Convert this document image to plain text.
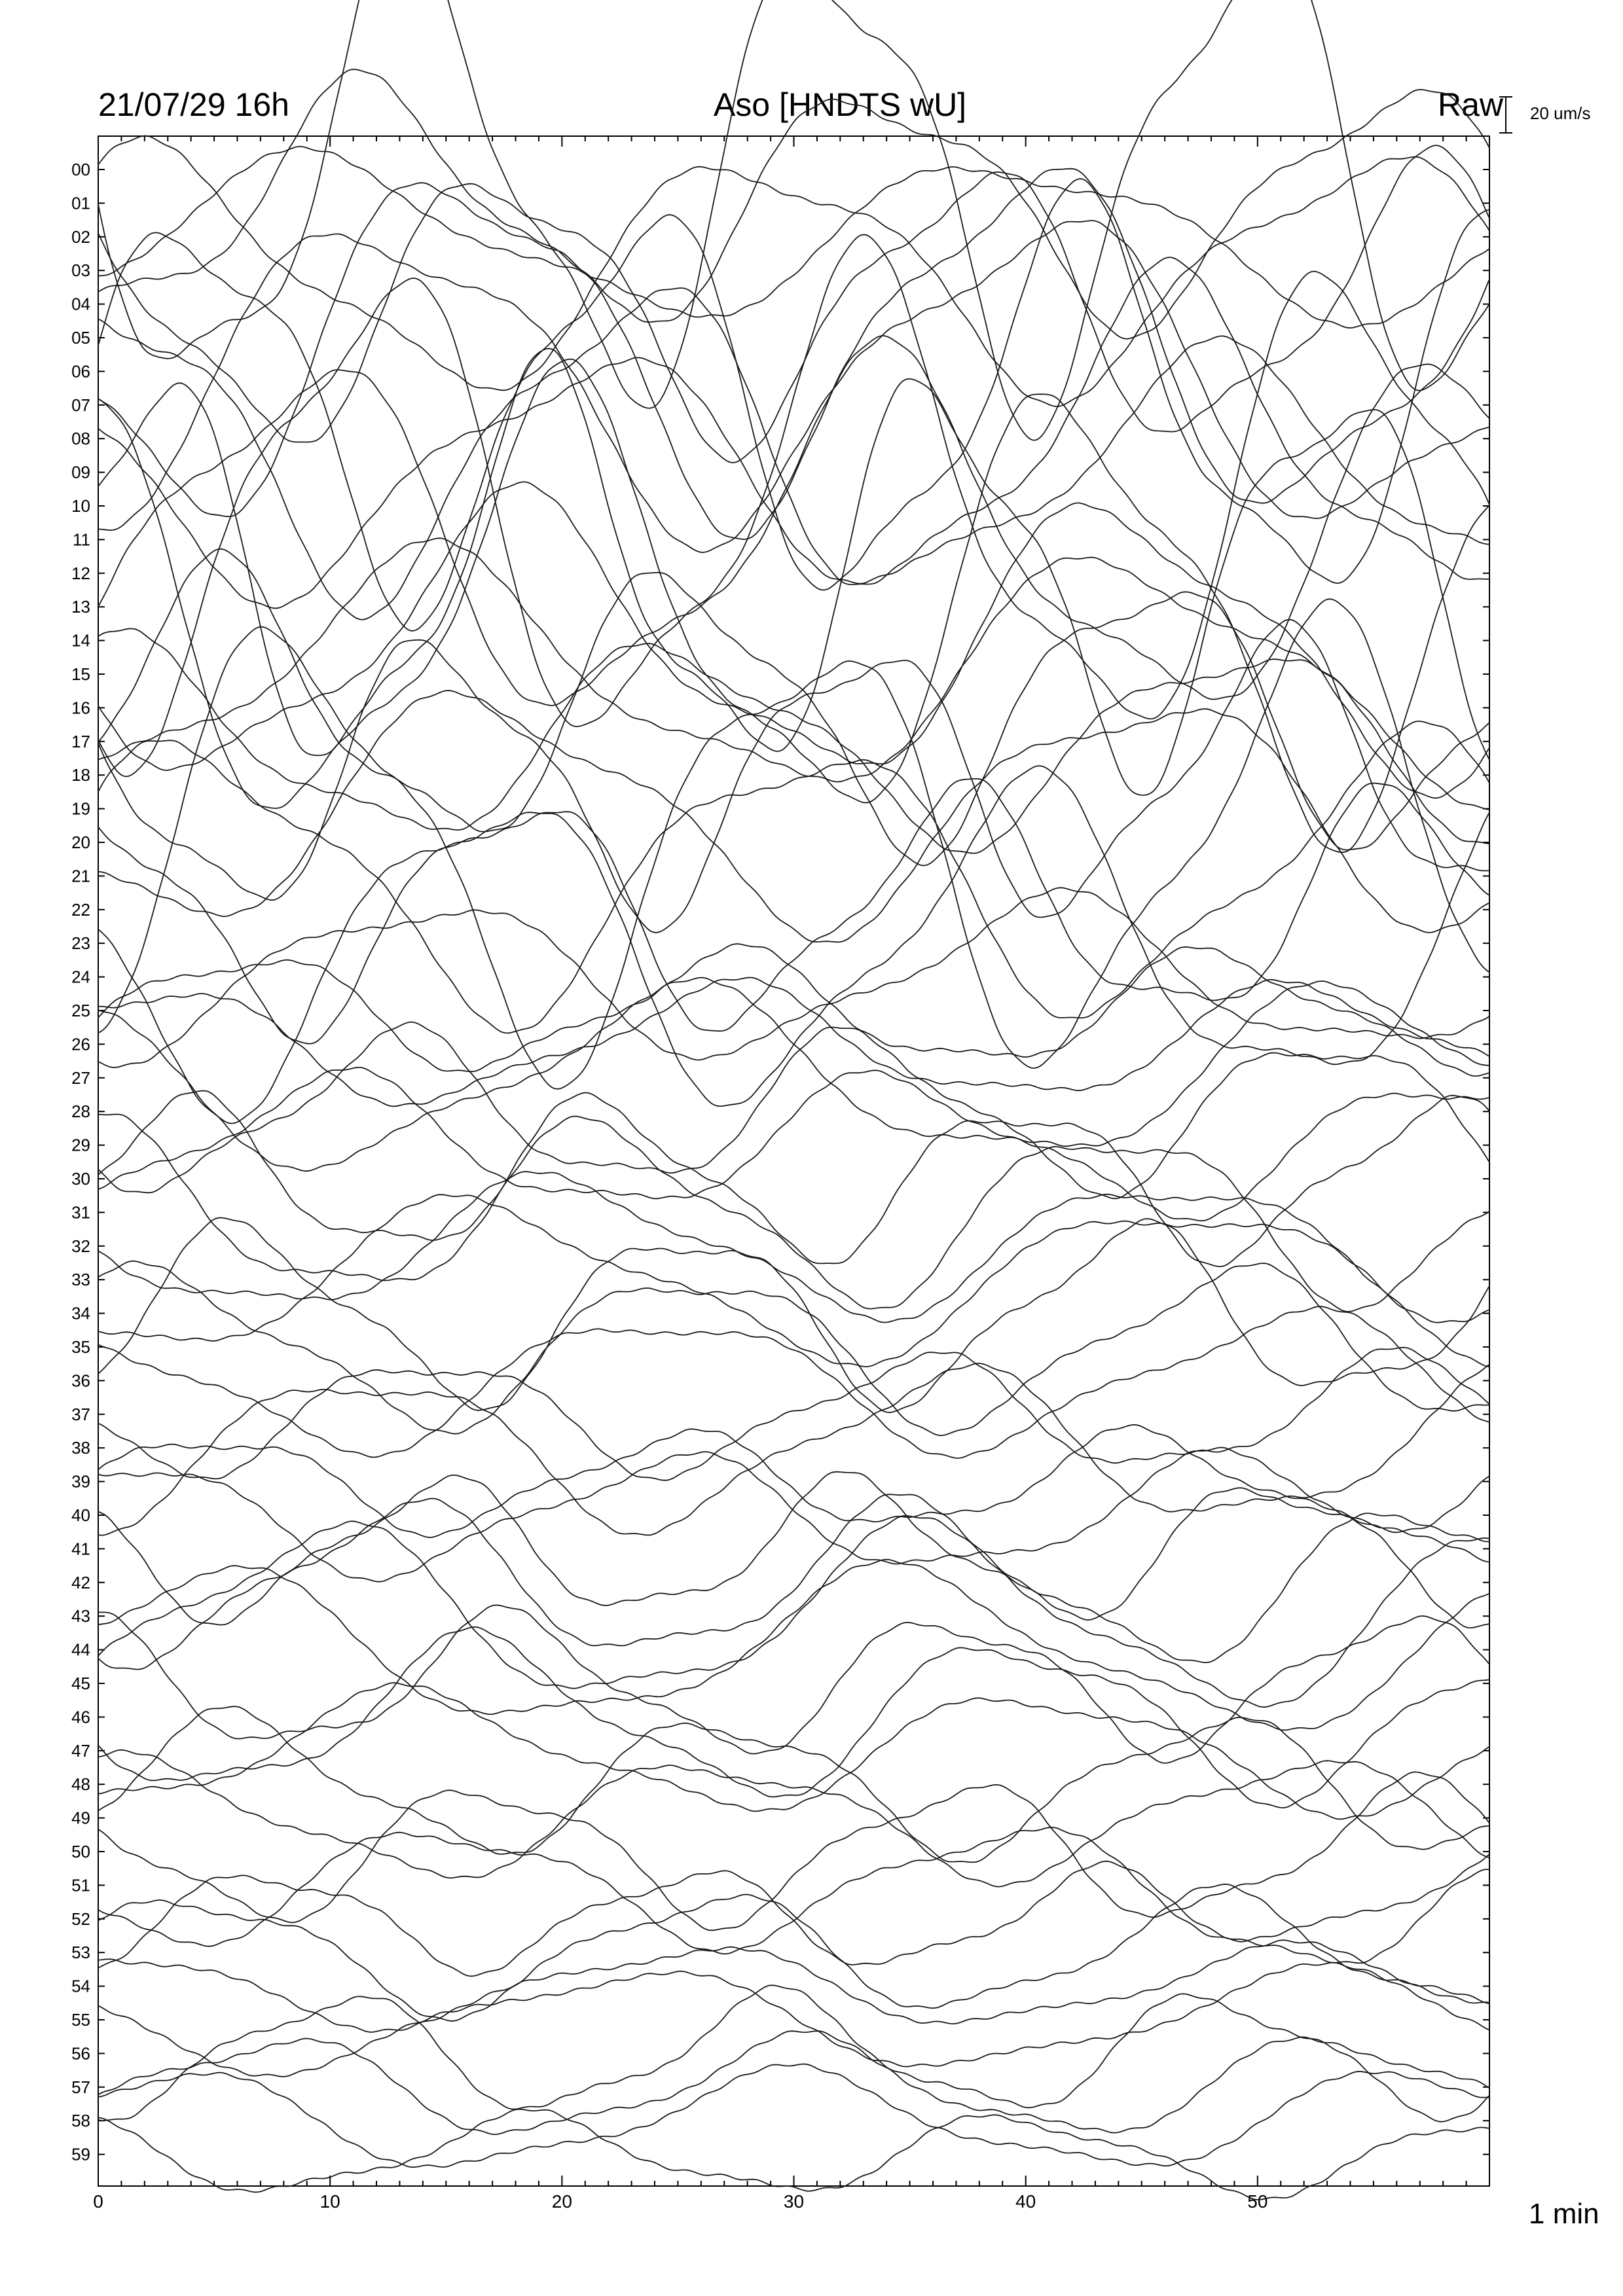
21/07/29 16h	Aso [HNDTS wU]	Raw 20 um/s
1 min
00
01
02
03
04
05
06
07
08
09
10
11
12
13
14
15
16
17
18
19
20
21
22
23
24
25
26
27
28
29
30
31
32
33
34
35
36
37
38
39
40
41
42
43
44
45
46
47
48
49
50
51
52
53
54
55
56
57
58
59
0	10	20	30	40	50
